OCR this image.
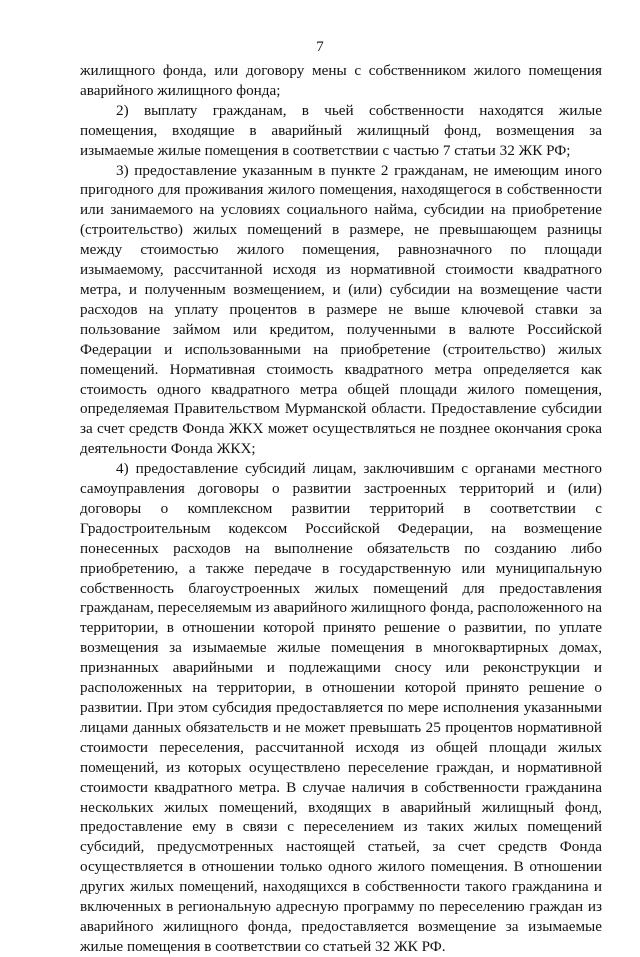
7

жилищного фонда, или договору мены с собственником жилого помещения аварийного жилищного фонда;

2) выплату гражданам, в чьей собственности находятся жилые помещения, входящие в аварийный жилищный фонд, возмещения за изымаемые жилые помещения в соответствии с частью 7 статьи 32 ЖК РФ;

3) предоставление указанным в пункте 2 гражданам, не имеющим иного пригодного для проживания жилого помещения, находящегося в собственности или занимаемого на условиях социального найма, субсидии на приобретение (строительство) жилых помещений в размере, не превышающем разницы между стоимостью жилого помещения, равнозначного по площади изымаемому, рассчитанной исходя из нормативной стоимости квадратного метра, и полученным возмещением, и (или) субсидии на возмещение части расходов на уплату процентов в размере не выше ключевой ставки за пользование займом или кредитом, полученными в валюте Российской Федерации и использованными на приобретение (строительство) жилых помещений. Нормативная стоимость квадратного метра определяется как стоимость одного квадратного метра общей площади жилого помещения, определяемая Правительством Мурманской области. Предоставление субсидии за счет средств Фонда ЖКХ может осуществляться не позднее окончания срока деятельности Фонда ЖКХ;

4) предоставление субсидий лицам, заключившим с органами местного самоуправления договоры о развитии застроенных территорий и (или) договоры о комплексном развитии территорий в соответствии с Градостроительным кодексом Российской Федерации, на возмещение понесенных расходов на выполнение обязательств по созданию либо приобретению, а также передаче в государственную или муниципальную собственность благоустроенных жилых помещений для предоставления гражданам, переселяемым из аварийного жилищного фонда, расположенного на территории, в отношении которой принято решение о развитии, по уплате возмещения за изымаемые жилые помещения в многоквартирных домах, признанных аварийными и подлежащими сносу или реконструкции и расположенных на территории, в отношении которой принято решение о развитии. При этом субсидия предоставляется по мере исполнения указанными лицами данных обязательств и не может превышать 25 процентов нормативной стоимости переселения, рассчитанной исходя из общей площади жилых помещений, из которых осуществлено переселение граждан, и нормативной стоимости квадратного метра. В случае наличия в собственности гражданина нескольких жилых помещений, входящих в аварийный жилищный фонд, предоставление ему в связи с переселением из таких жилых помещений субсидий, предусмотренных настоящей статьей, за счет средств Фонда осуществляется в отношении только одного жилого помещения. В отношении других жилых помещений, находящихся в собственности такого гражданина и включенных в региональную адресную программу по переселению граждан из аварийного жилищного фонда, предоставляется возмещение за изымаемые жилые помещения в соответствии со статьей 32 ЖК РФ.
